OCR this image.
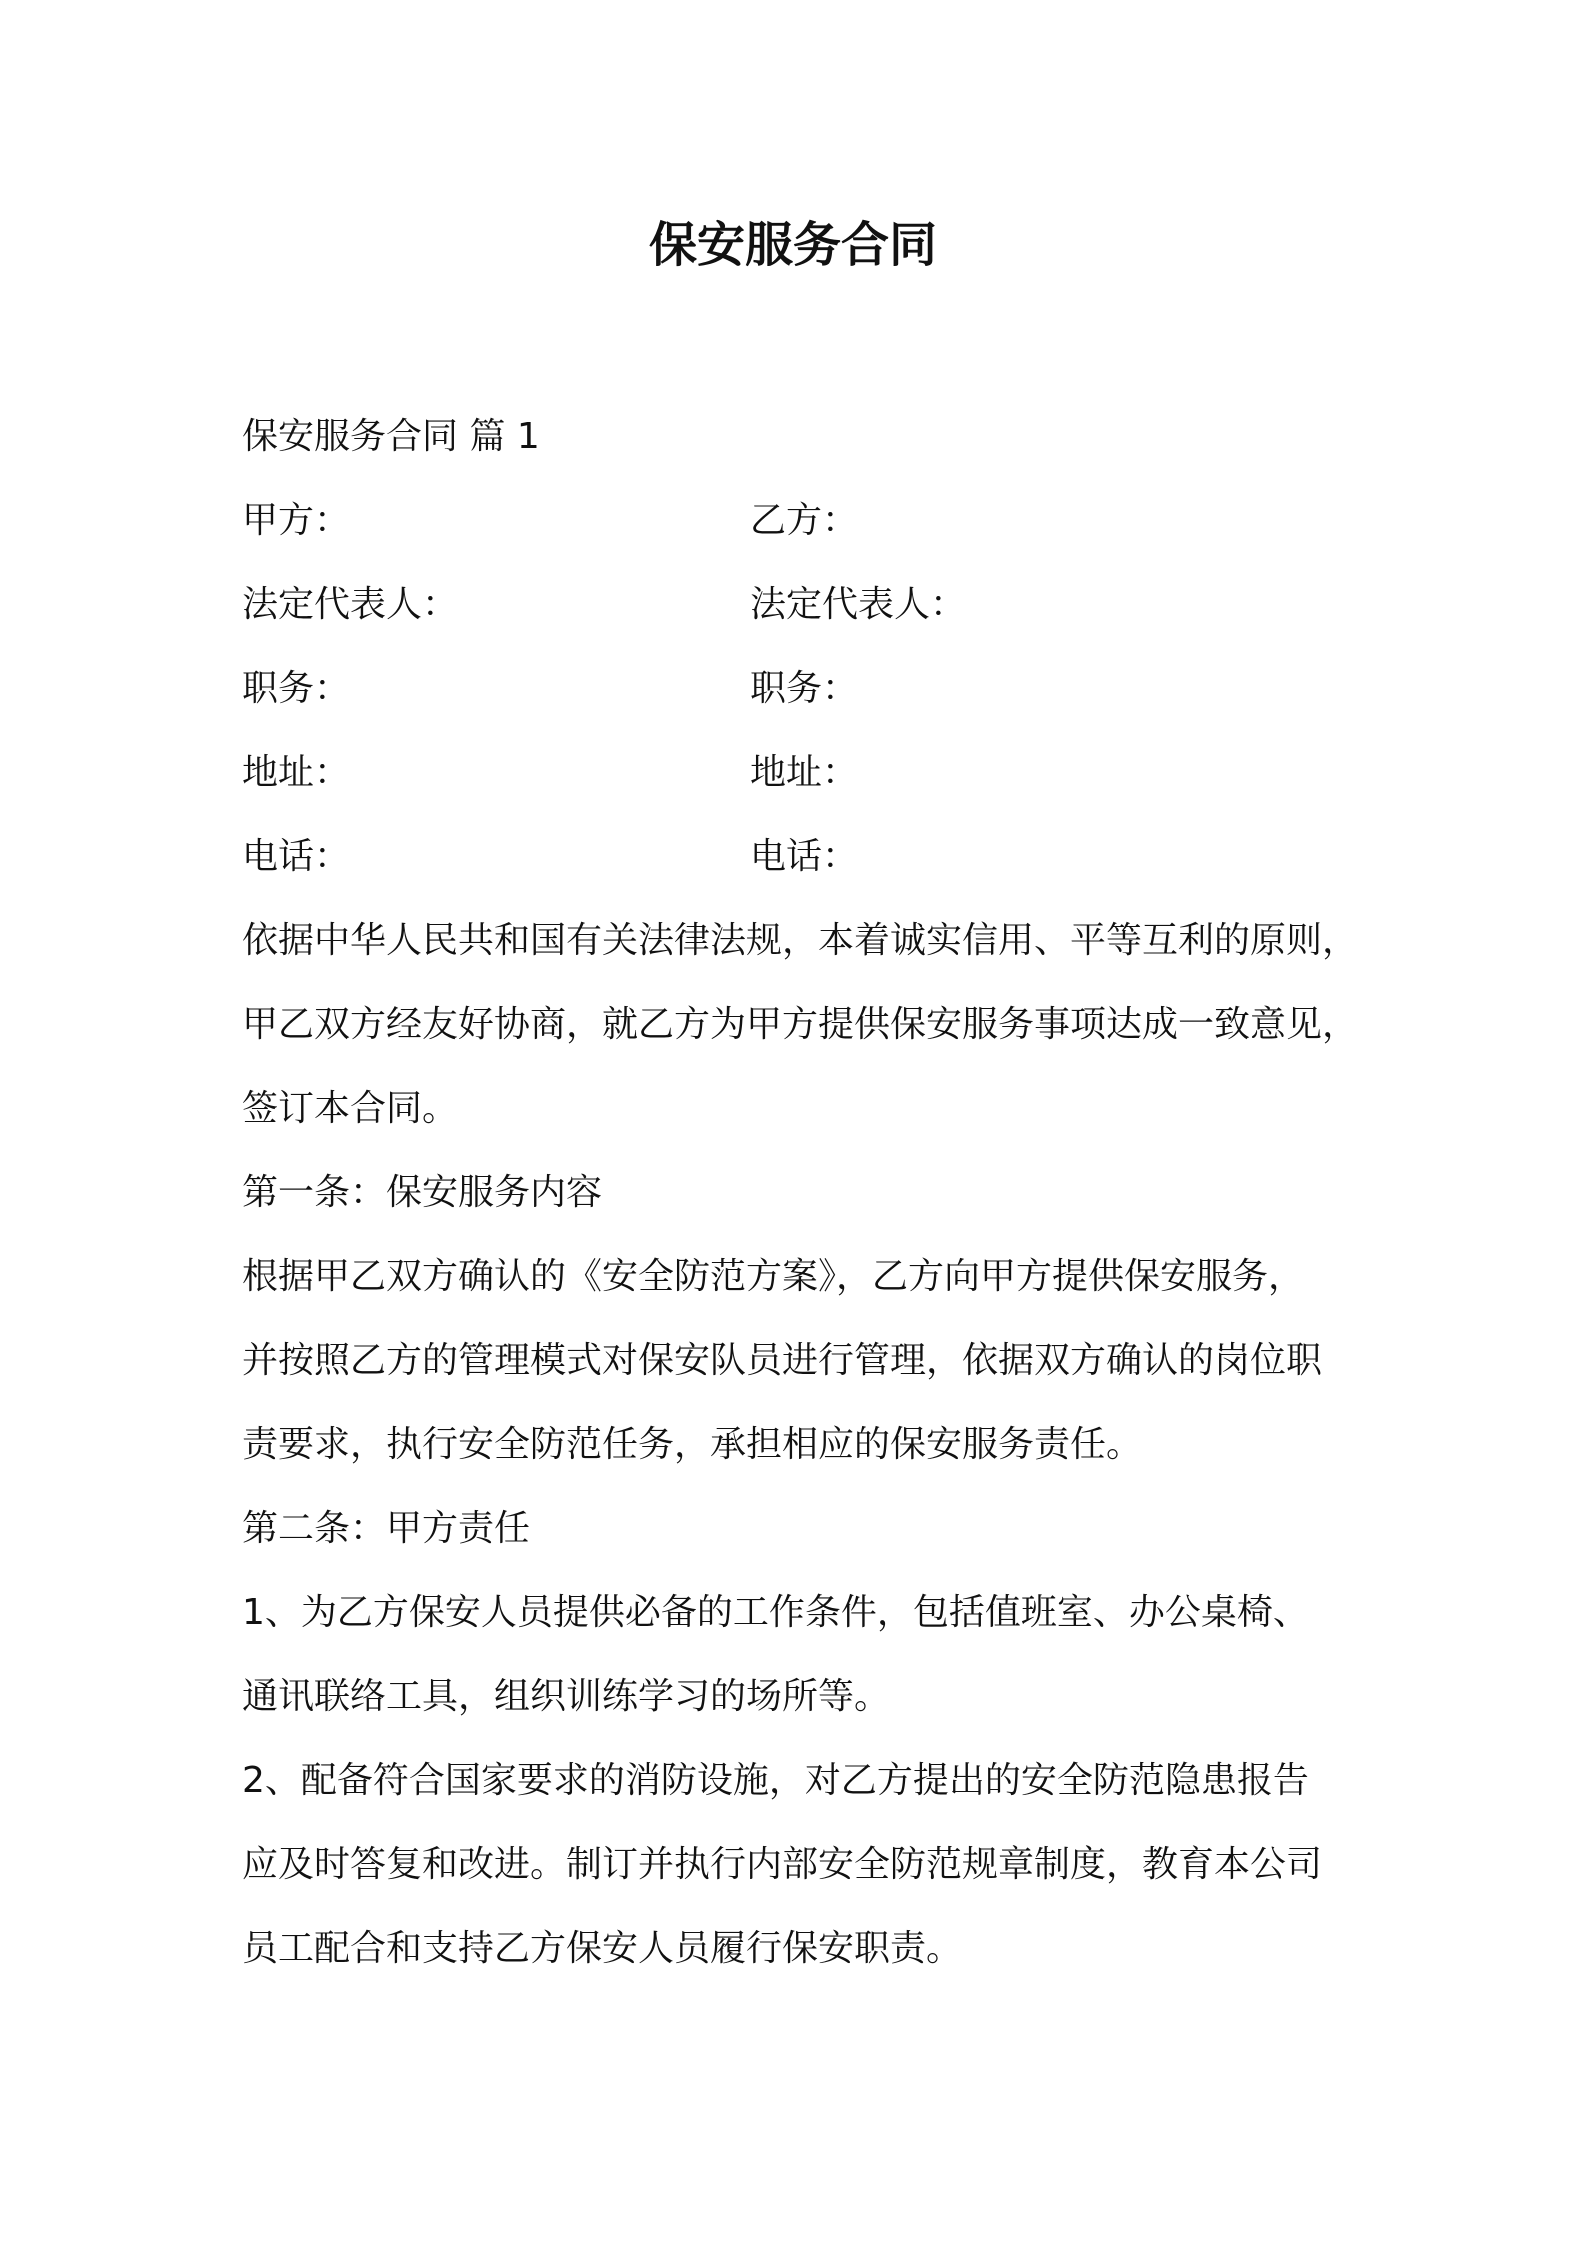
保安服务合同
保安服务合同 篇 1
甲方：	乙方：
法定代表人：	法定代表人：
职务：	职务：
地址：	地址：
电话：	电话：
依据中华人民共和国有关法律法规，本着诚实信用、平等互利的原则，
甲乙双方经友好协商，就乙方为甲方提供保安服务事项达成一致意见，
签订本合同。
第一条：保安服务内容
根据甲乙双方确认的《安全防范方案》，乙方向甲方提供保安服务，
并按照乙方的管理模式对保安队员进行管理，依据双方确认的岗位职
责要求，执行安全防范任务，承担相应的保安服务责任。
第二条：甲方责任
1、为乙方保安人员提供必备的工作条件，包括值班室、办公桌椅、
通讯联络工具，组织训练学习的场所等。
2、配备符合国家要求的消防设施，对乙方提出的安全防范隐患报告
应及时答复和改进。制订并执行内部安全防范规章制度，教育本公司
员工配合和支持乙方保安人员履行保安职责。
